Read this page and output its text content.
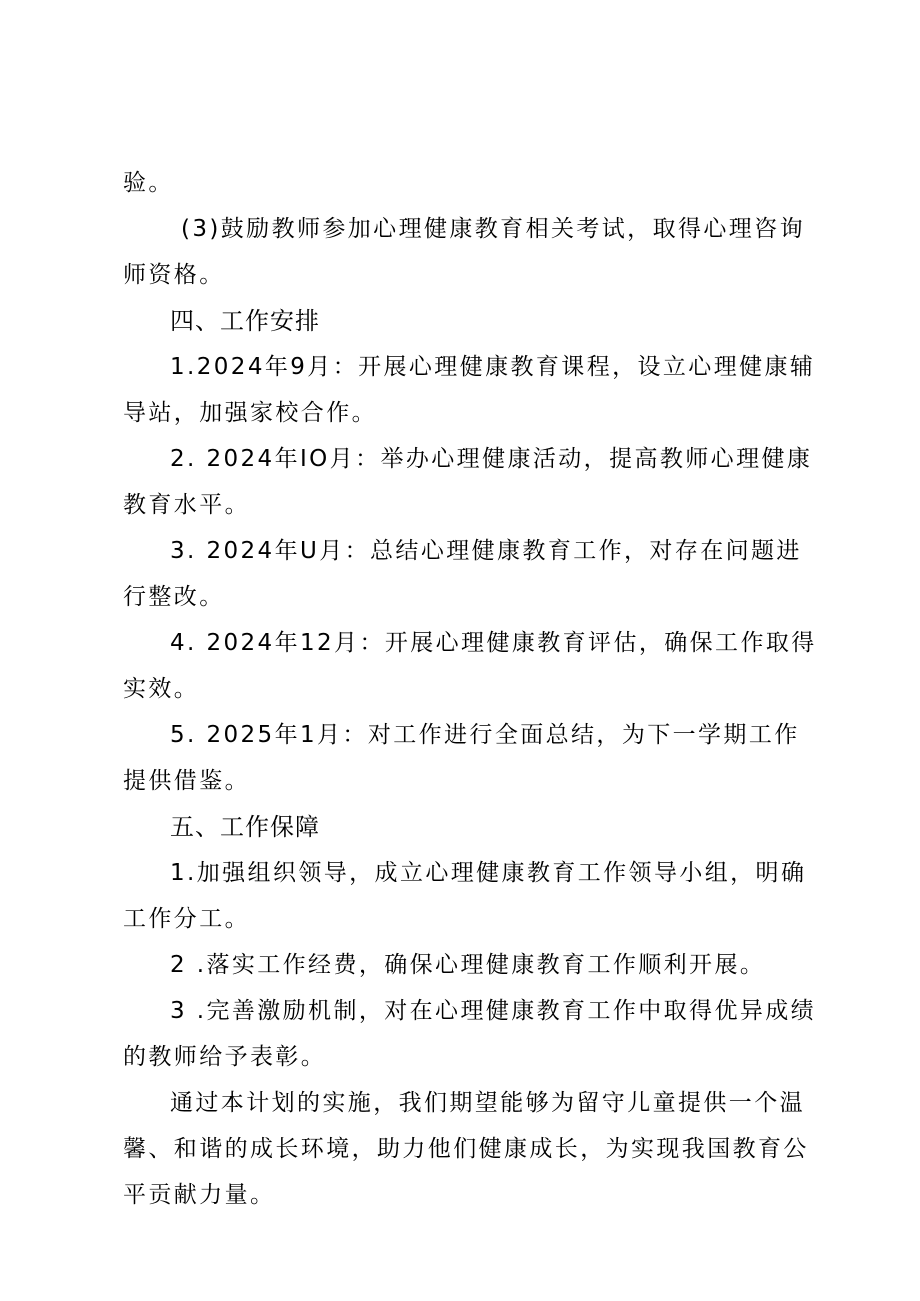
验。

(3)鼓励教师参加心理健康教育相关考试，取得心理咨询师资格。

四、工作安排

1.2024年9月：开展心理健康教育课程，设立心理健康辅导站，加强家校合作。

2. 2024年IO月：举办心理健康活动，提高教师心理健康教育水平。

3. 2024年U月：总结心理健康教育工作，对存在问题进行整改。

4. 2024年12月：开展心理健康教育评估，确保工作取得实效。

5. 2025年1月：对工作进行全面总结，为下一学期工作提供借鉴。

五、工作保障

1.加强组织领导，成立心理健康教育工作领导小组，明确工作分工。

2 .落实工作经费，确保心理健康教育工作顺利开展。

3 .完善激励机制，对在心理健康教育工作中取得优异成绩的教师给予表彰。

通过本计划的实施，我们期望能够为留守儿童提供一个温馨、和谐的成长环境，助力他们健康成长，为实现我国教育公平贡献力量。
